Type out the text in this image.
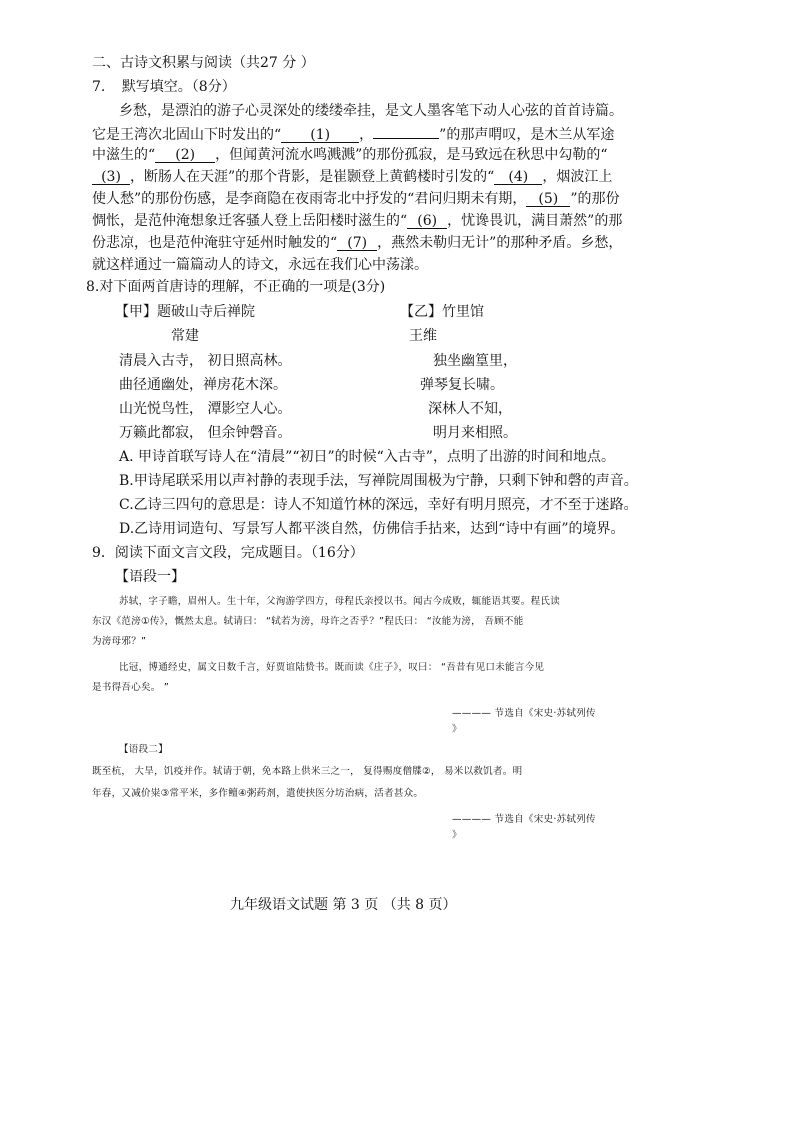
二、古诗文积累与阅读（共27 分 ）
7. 默写填空。（8分）
乡愁，是漂泊的游子心灵深处的缕缕牵挂，是文人墨客笔下动人心弦的首首诗篇。
它是王湾次北固山下时发出的“ (1) ，	”的那声喟叹，是木兰从军途
中滋生的“ (2) ，但闻黄河流水鸣溅溅”的那份孤寂，是马致远在秋思中勾勒的“
(3) ，断肠人在天涯”的那个背影，是崔颢登上黄鹤楼时引发的“ (4) ，烟波江上
使人愁”的那份伤感，是李商隐在夜雨寄北中抒发的“君问归期未有期， (5) ”的那份
惆怅，是范仲淹想象迁客骚人登上岳阳楼时滋生的“ (6) ，忧谗畏讥，满目萧然”的那
份悲凉，也是范仲淹驻守延州时触发的“ (7) ，燕然未勒归无计”的那种矛盾。乡愁，
就这样通过一篇篇动人的诗文，永远在我们心中荡漾。
8.对下面两首唐诗的理解，不正确的一项是(3分)
【甲】题破山寺后禅院
常建
清晨入古寺， 初日照高林。
曲径通幽处，禅房花木深。
山光悦鸟性， 潭影空人心。
万籁此都寂， 但余钟磬音。
【乙】竹里馆
王维
独坐幽篁里，
弹琴复长啸。
深林人不知，
明月来相照。
A. 甲诗首联写诗人在“清晨”“初日”的时候“入古寺”，点明了出游的时间和地点。
B.甲诗尾联采用以声衬静的表现手法，写禅院周围极为宁静，只剩下钟和磬的声音。
C.乙诗三四句的意思是：诗人不知道竹林的深远，幸好有明月照亮，才不至于迷路。
D.乙诗用词造句、写景写人都平淡自然，仿佛信手拈来，达到“诗中有画”的境界。
9．阅读下面文言文段，完成题目。（16分）
【语段一】
苏轼，字子瞻，眉州人。生十年，父洵游学四方，母程氏亲授以书。闻古今成败，辄能语其要。程氏读
东汉《范滂①传》，慨然太息。轼请曰： “轼若为滂，母许之否乎？”程氏曰： “汝能为滂， 吾顾不能
为滂母邪？”
比冠，博通经史，属文日数千言，好贾谊陆贽书。既而读《庄子》，叹曰： “吾昔有见口未能言今见
是书得吾心矣。 ”
———— 节选自《宋史·苏轼列传
》
【语段二】
既至杭， 大旱，饥疫并作。轼请于朝，免本路上供米三之一， 复得赐度僧牒②， 易米以救饥者。明
年春，又减价粜③常平米，多作鳣④粥药剂，遣使挟医分坊治病，活者甚众。
———— 节选自《宋史·苏轼列传
》
九年级语文试题 第 3 页 （共 8 页）
